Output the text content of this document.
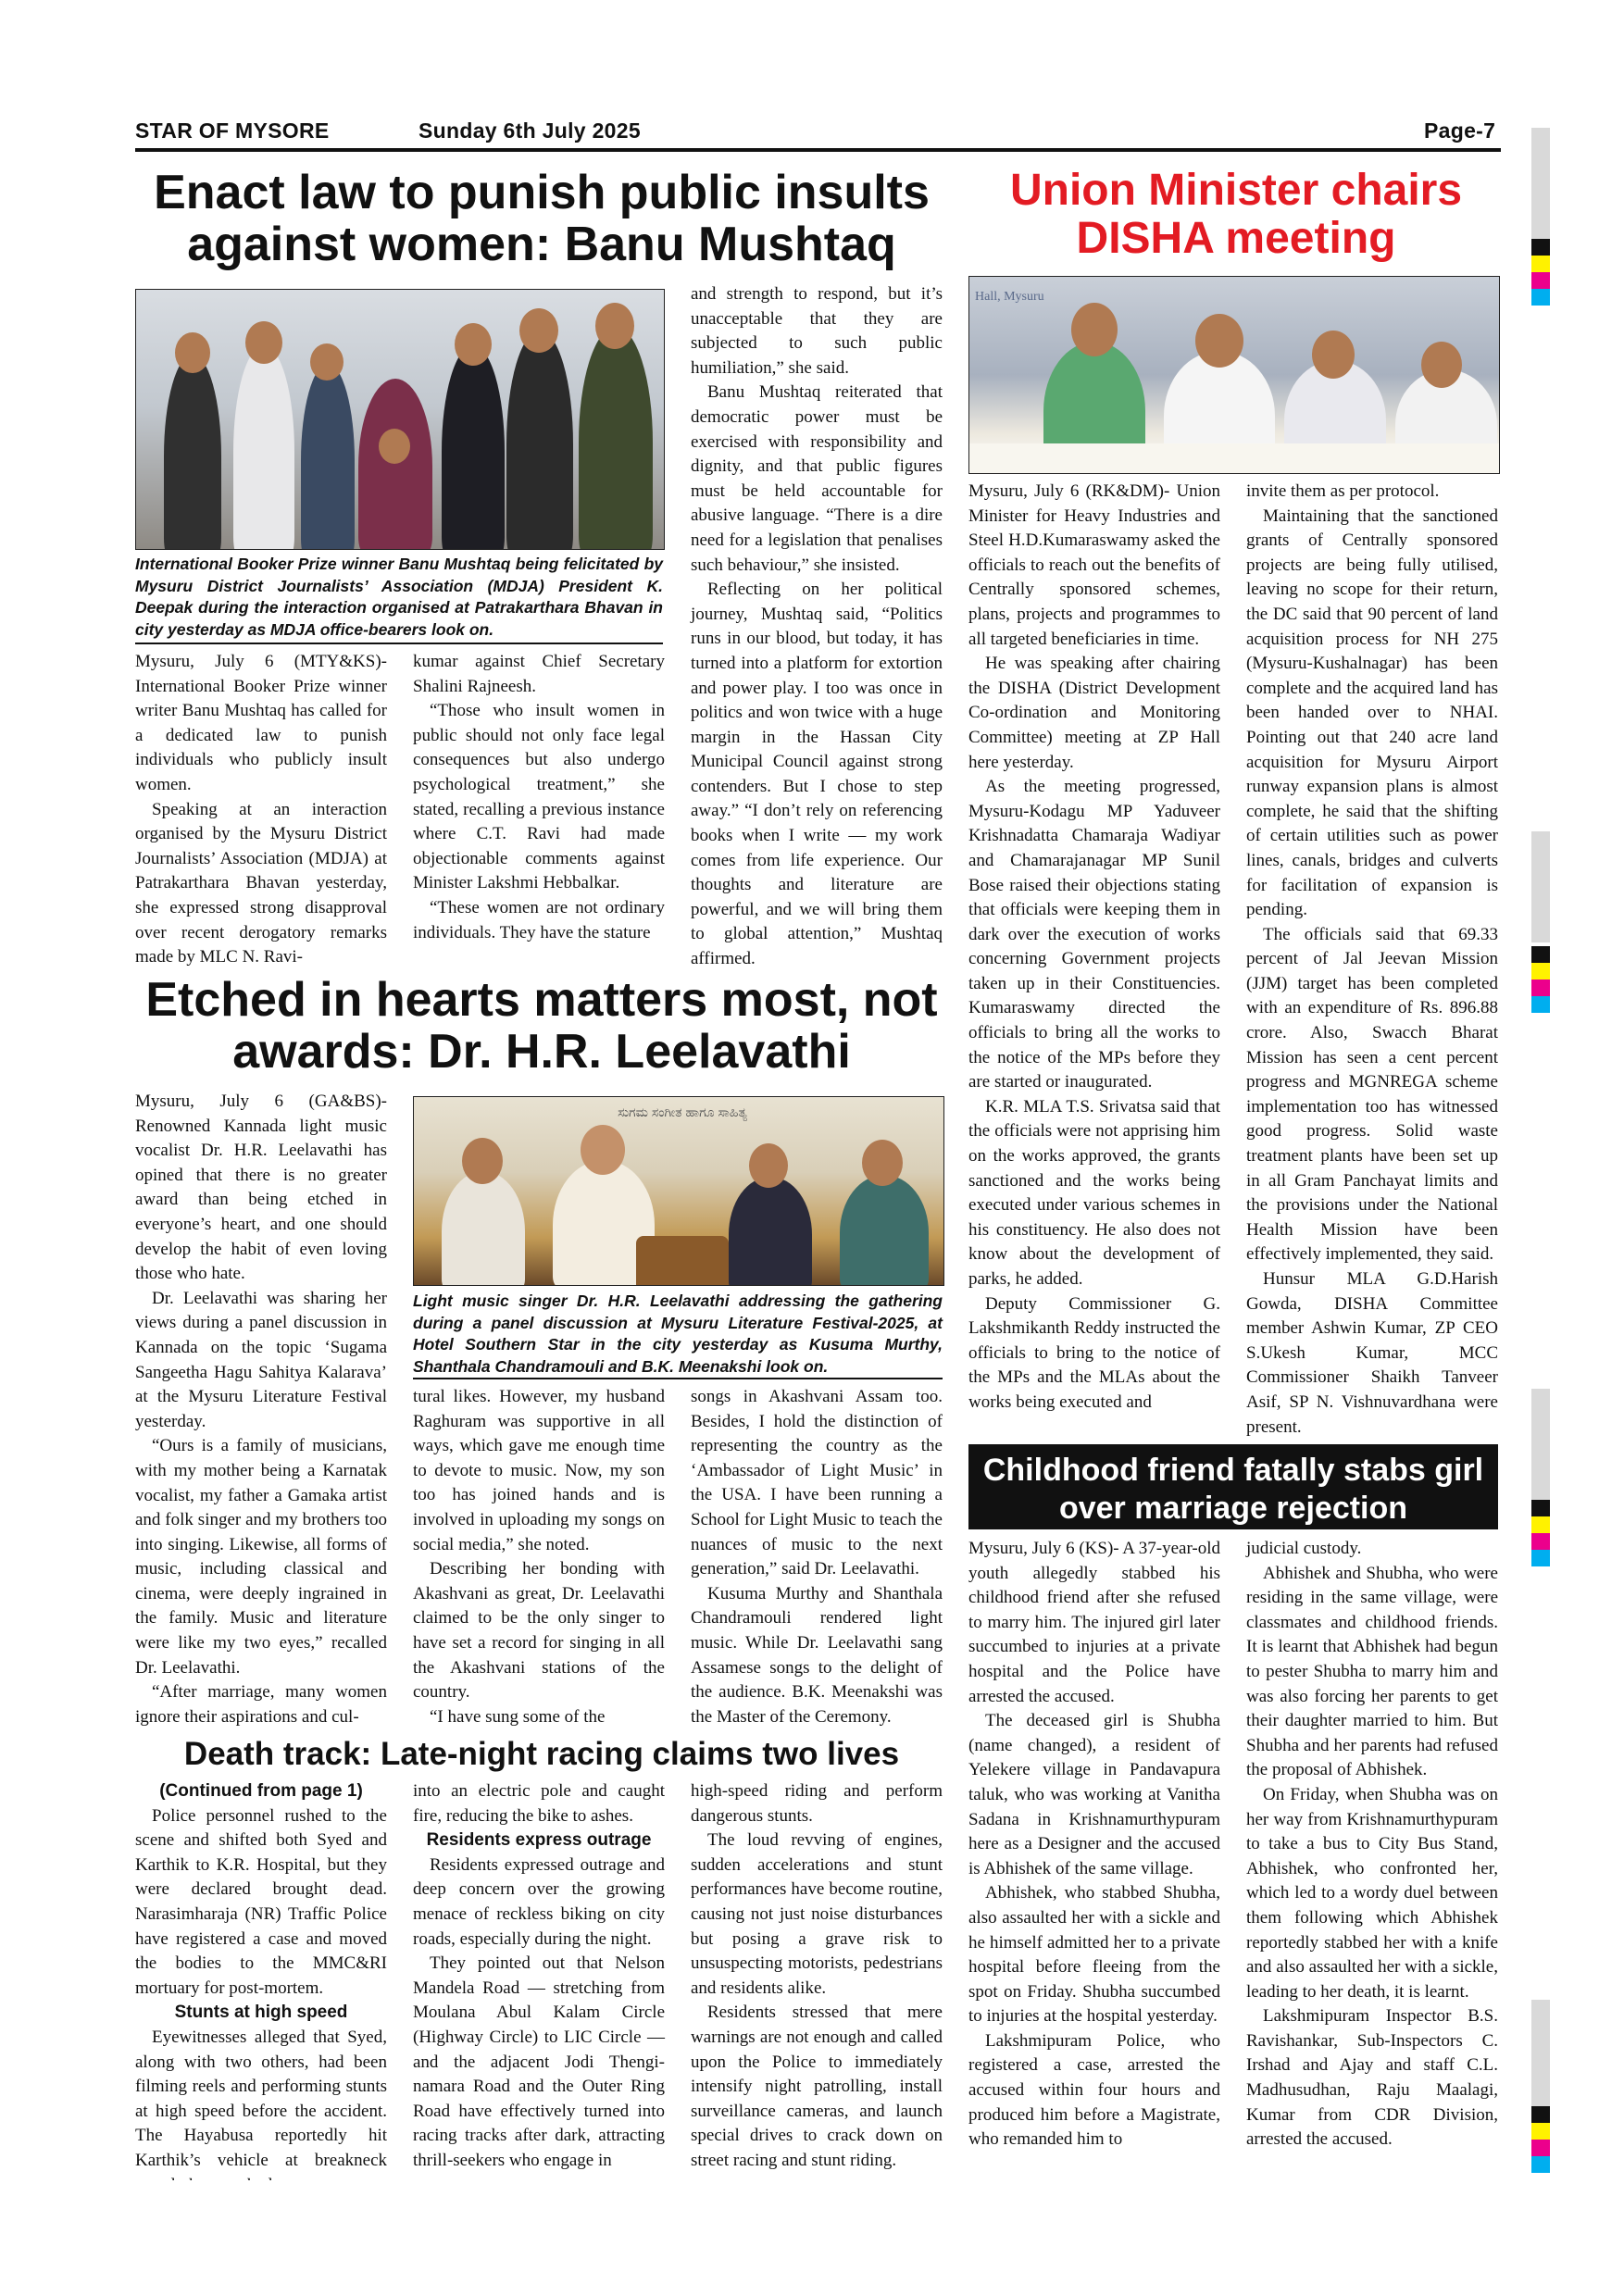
STAR OF MYSORE	Sunday 6th July 2025	Page-7
Enact law to punish public insults against women: Banu Mushtaq
International Booker Prize winner Banu Mushtaq being felicitated by Mysuru District Journalists’ Association (MDJA) President K. Deepak during the interaction organised at Patrakarthara Bhavan in city yesterday as MDJA office-bearers look on.

Mysuru, July 6 (MTY&KS)- International Booker Prize winner writer Banu Mushtaq has called for a dedicated law to punish individuals who publicly insult women.

Speaking at an interaction organised by the Mysuru District Journalists’ Association (MDJA) at Patrakarthara Bhavan yesterday, she expressed strong disapproval over recent derogatory remarks made by MLC N. Ravi-

kumar against Chief Secretary Shalini Rajneesh.

“Those who insult women in public should not only face legal consequences but also undergo psychological treatment,” she stated, recalling a previous instance where C.T. Ravi had made objectionable comments against Minister Lakshmi Hebbalkar.

“These women are not ordinary individuals. They have the stature

and strength to respond, but it’s unacceptable that they are subjected to such public humiliation,” she said.

Banu Mushtaq reiterated that democratic power must be exercised with responsibility and dignity, and that public figures must be held accountable for abusive language. “There is a dire need for a legislation that penalises such behaviour,” she insisted.

Reflecting on her political journey, Mushtaq said, “Politics runs in our blood, but today, it has turned into a platform for extortion and power play. I too was once in politics and won twice with a huge margin in the Hassan City Municipal Council against strong contenders. But I chose to step away.” “I don’t rely on referencing books when I write — my work comes from life experience. Our thoughts and literature are powerful, and we will bring them to global attention,” Mushtaq affirmed.

Union Minister chairs DISHA meeting
Hall, Mysuru

Mysuru, July 6 (RK&DM)- Union Minister for Heavy Industries and Steel H.D.Kumaraswamy asked the officials to reach out the benefits of Centrally sponsored schemes, plans, projects and programmes to all targeted beneficiaries in time.

He was speaking after chairing the DISHA (District Development Co-ordination and Monitoring Committee) meeting at ZP Hall here yesterday.

As the meeting progressed, Mysuru-Kodagu MP Yaduveer Krishnadatta Chamaraja Wadiyar and Chamarajanagar MP Sunil Bose raised their objections stating that officials were keeping them in dark over the execution of works concerning Government projects taken up in their Constituencies. Kumaraswamy directed the officials to bring all the works to the notice of the MPs before they are started or inaugurated.

K.R. MLA T.S. Srivatsa said that the officials were not apprising him on the works approved, the grants sanctioned and the works being executed under various schemes in his constituency. He also does not know about the development of parks, he added.

Deputy Commissioner G. Lakshmikanth Reddy instructed the officials to bring to the notice of the MPs and the MLAs about the works being executed and

invite them as per protocol.

Maintaining that the sanctioned grants of Centrally sponsored projects are being fully utilised, leaving no scope for their return, the DC said that 90 percent of land acquisition process for NH 275 (Mysuru-Kushalnagar) has been complete and the acquired land has been handed over to NHAI. Pointing out that 240 acre land acquisition for Mysuru Airport runway expansion plans is almost complete, he said that the shifting of certain utilities such as power lines, canals, bridges and culverts for facilitation of expansion is pending.

The officials said that 69.33 percent of Jal Jeevan Mission (JJM) target has been completed with an expenditure of Rs. 896.88 crore. Also, Swacch Bharat Mission has seen a cent percent progress and MGNREGA scheme implementation too has witnessed good progress. Solid waste treatment plants have been set up in all Gram Panchayat limits and the provisions under the National Health Mission have been effectively implemented, they said.

Hunsur MLA G.D.Harish Gowda, DISHA Committee member Ashwin Kumar, ZP CEO S.Ukesh Kumar, MCC Commissioner Shaikh Tanveer Asif, SP N. Vishnuvardhana were present.

Etched in hearts matters most, not awards: Dr. H.R. Leelavathi

Mysuru, July 6 (GA&BS)- Renowned Kannada light music vocalist Dr. H.R. Leelavathi has opined that there is no greater award than being etched in everyone’s heart, and one should develop the habit of even loving those who hate.

Dr. Leelavathi was sharing her views during a panel discussion in Kannada on the topic ‘Sugama Sangeetha Hagu Sahitya Kalarava’ at the Mysuru Literature Festival yesterday.

“Ours is a family of musicians, with my mother being a Karnatak vocalist, my father a Gamaka artist and folk singer and my brothers too into singing. Likewise, all forms of music, including classical and cinema, were deeply ingrained in the family. Music and literature were like my two eyes,” recalled Dr. Leelavathi.

“After marriage, many women ignore their aspirations and cul-

ಸುಗಮ ಸಂಗೀತ ಹಾಗೂ ಸಾಹಿತ್ಯ
Light music singer Dr. H.R. Leelavathi addressing the gathering during a panel discussion at Mysuru Literature Festival-2025, at Hotel Southern Star in the city yesterday as Kusuma Murthy, Shanthala Chandramouli and B.K. Meenakshi look on.

tural likes. However, my husband Raghuram was supportive in all ways, which gave me enough time to devote to music. Now, my son too has joined hands and is involved in uploading my songs on social media,” she noted.

Describing her bonding with Akashvani as great, Dr. Leelavathi claimed to be the only singer to have set a record for singing in all the Akashvani stations of the country.

“I have sung some of the

songs in Akashvani Assam too. Besides, I hold the distinction of representing the country as the ‘Ambassador of Light Music’ in the USA. I have been running a School for Light Music to teach the nuances of music to the next generation,” said Dr. Leelavathi.

Kusuma Murthy and Shanthala Chandramouli rendered light music. While Dr. Leelavathi sang Assamese songs to the delight of the audience. B.K. Meenakshi was the Master of the Ceremony.

Childhood friend fatally stabs girl over marriage rejection

Mysuru, July 6 (KS)- A 37-year-old youth allegedly stabbed his childhood friend after she refused to marry him. The injured girl later succumbed to injuries at a private hospital and the Police have arrested the accused.

The deceased girl is Shubha (name changed), a resident of Yelekere village in Pandavapura taluk, who was working at Vanitha Sadana in Krishnamurthypuram here as a Designer and the accused is Abhishek of the same village.

Abhishek, who stabbed Shubha, also assaulted her with a sickle and he himself admitted her to a private hospital before fleeing from the spot on Friday. Shubha succumbed to injuries at the hospital yesterday.

Lakshmipuram Police, who registered a case, arrested the accused within four hours and produced him before a Magistrate, who remanded him to

judicial custody.

Abhishek and Shubha, who were residing in the same village, were classmates and childhood friends. It is learnt that Abhishek had begun to pester Shubha to marry him and was also forcing her parents to get their daughter married to him. But Shubha and her parents had refused the proposal of Abhishek.

On Friday, when Shubha was on her way from Krishnamurthypuram to take a bus to City Bus Stand, Abhishek, who confronted her, which led to a wordy duel between them following which Abhishek reportedly stabbed her with a knife and also assaulted her with a sickle, leading to her death, it is learnt.

Lakshmipuram Inspector B.S. Ravishankar, Sub-Inspectors C. Irshad and Ajay and staff C.L. Madhusudhan, Raju Maalagi, Kumar from CDR Division, arrested the accused.

Death track: Late-night racing claims two lives

(Continued from page 1)

Police personnel rushed to the scene and shifted both Syed and Karthik to K.R. Hospital, but they were declared brought dead. Narasimharaja (NR) Traffic Police have registered a case and moved the bodies to the MMC&RI mortuary for post-mortem.

Stunts at high speed

Eyewitnesses alleged that Syed, along with two others, had been filming reels and performing stunts at high speed before the accident. The Hayabusa reportedly hit Karthik’s vehicle at breakneck

into an electric pole and caught fire, reducing the bike to ashes.

Residents express outrage

Residents expressed outrage and deep concern over the growing menace of reckless biking on city roads, especially during the night.

They pointed out that Nelson Mandela Road — stretching from Moulana Abul Kalam Circle (Highway Circle) to LIC Circle — and the adjacent Jodi Thengi-namara Road and the Outer Ring Road have effectively turned into racing tracks after dark, attracting thrill-seekers who engage in

high-speed riding and perform dangerous stunts.

The loud revving of engines, sudden accelerations and stunt performances have become routine, causing not just noise disturbances but posing a grave risk to unsuspecting motorists, pedestrians and residents alike.

Residents stressed that mere warnings are not enough and called upon the Police to immediately intensify night patrolling, install surveillance cameras, and launch special drives to crack down on street racing and stunt riding.
